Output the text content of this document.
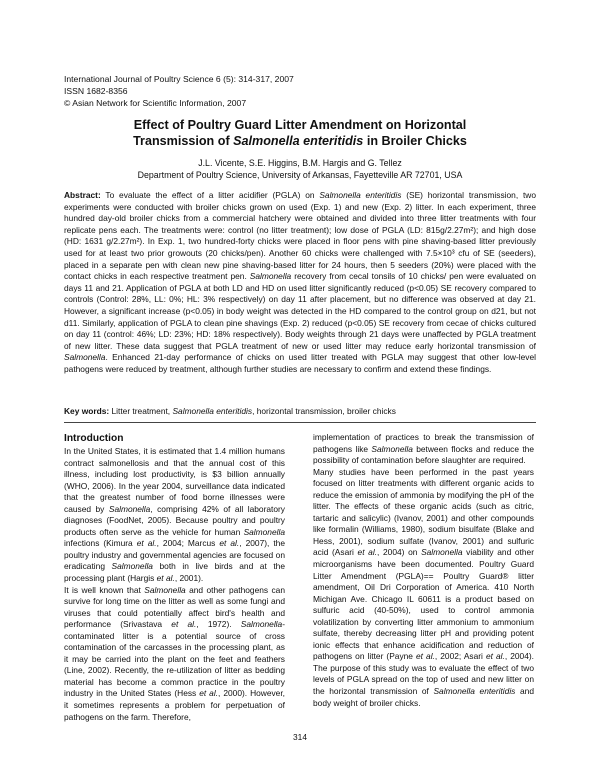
International Journal of Poultry Science 6 (5): 314-317, 2007
ISSN 1682-8356
© Asian Network for Scientific Information, 2007
Effect of Poultry Guard Litter Amendment on Horizontal
Transmission of Salmonella enteritidis in Broiler Chicks
J.L. Vicente, S.E. Higgins, B.M. Hargis and G. Tellez
Department of Poultry Science, University of Arkansas, Fayetteville AR 72701, USA
Abstract: To evaluate the effect of a litter acidifier (PGLA) on Salmonella enteritidis (SE) horizontal transmission, two experiments were conducted with broiler chicks grown on used (Exp. 1) and new (Exp. 2) litter. In each experiment, three hundred day-old broiler chicks from a commercial hatchery were obtained and divided into three litter treatments with four replicate pens each. The treatments were: control (no litter treatment); low dose of PGLA (LD: 815g/2.27m²); and high dose (HD: 1631 g/2.27m²). In Exp. 1, two hundred-forty chicks were placed in floor pens with pine shaving-based litter previously used for at least two prior growouts (20 chicks/pen). Another 60 chicks were challenged with 7.5×10³ cfu of SE (seeders), placed in a separate pen with clean new pine shaving-based litter for 24 hours, then 5 seeders (20%) were placed with the contact chicks in each respective treatment pen. Salmonella recovery from cecal tonsils of 10 chicks/ pen were evaluated on days 11 and 21. Application of PGLA at both LD and HD on used litter significantly reduced (p<0.05) SE recovery compared to controls (Control: 28%, LL: 0%; HL: 3% respectively) on day 11 after placement, but no difference was observed at day 21. However, a significant increase (p<0.05) in body weight was detected in the HD compared to the control group on d21, but not d11. Similarly, application of PGLA to clean pine shavings (Exp. 2) reduced (p<0.05) SE recovery from cecae of chicks cultured on day 11 (control: 46%; LD: 23%; HD: 18% respectively). Body weights through 21 days were unaffected by PGLA treatment of new litter. These data suggest that PGLA treatment of new or used litter may reduce early horizontal transmission of Salmonella. Enhanced 21-day performance of chicks on used litter treated with PGLA may suggest that other low-level pathogens were reduced by treatment, although further studies are necessary to confirm and extend these findings.
Key words: Litter treatment, Salmonella enteritidis, horizontal transmission, broiler chicks
Introduction

In the United States, it is estimated that 1.4 million humans contract salmonellosis and that the annual cost of this illness, including lost productivity, is $3 billion annually (WHO, 2006). In the year 2004, surveillance data indicated that the greatest number of food borne illnesses were caused by Salmonella, comprising 42% of all laboratory diagnoses (FoodNet, 2005). Because poultry and poultry products often serve as the vehicle for human Salmonella infections (Kimura et al., 2004; Marcus et al., 2007), the poultry industry and governmental agencies are focused on eradicating Salmonella both in live birds and at the processing plant (Hargis et al., 2001).

It is well known that Salmonella and other pathogens can survive for long time on the litter as well as some fungi and viruses that could potentially affect bird's health and performance (Srivastava et al., 1972). Salmonella-contaminated litter is a potential source of cross contamination of the carcasses in the processing plant, as it may be carried into the plant on the feet and feathers (Line, 2002). Recently, the re-utilization of litter as bedding material has become a common practice in the poultry industry in the United States (Hess et al., 2000). However, it sometimes represents a problem for perpetuation of pathogens on the farm. Therefore,

implementation of practices to break the transmission of pathogens like Salmonella between flocks and reduce the possibility of contamination before slaughter are required.

Many studies have been performed in the past years focused on litter treatments with different organic acids to reduce the emission of ammonia by modifying the pH of the litter. The effects of these organic acids (such as citric, tartaric and salicylic) (Ivanov, 2001) and other compounds like formalin (Williams, 1980), sodium bisulfate (Blake and Hess, 2001), sodium sulfate (Ivanov, 2001) and sulfuric acid (Asari et al., 2004) on Salmonella viability and other microorganisms have been documented. Poultry Guard Litter Amendment (PGLA)== Poultry Guard® litter amendment, Oil Dri Corporation of America. 410 North Michigan Ave. Chicago IL 60611 is a product based on sulfuric acid (40-50%), used to control ammonia volatilization by converting litter ammonium to ammonium sulfate, thereby decreasing litter pH and providing potent ionic effects that enhance acidification and reduction of pathogens on litter (Payne et al., 2002; Asari et al., 2004). The purpose of this study was to evaluate the effect of two levels of PGLA spread on the top of used and new litter on the horizontal transmission of Salmonella enteritidis and body weight of broiler chicks.

314
